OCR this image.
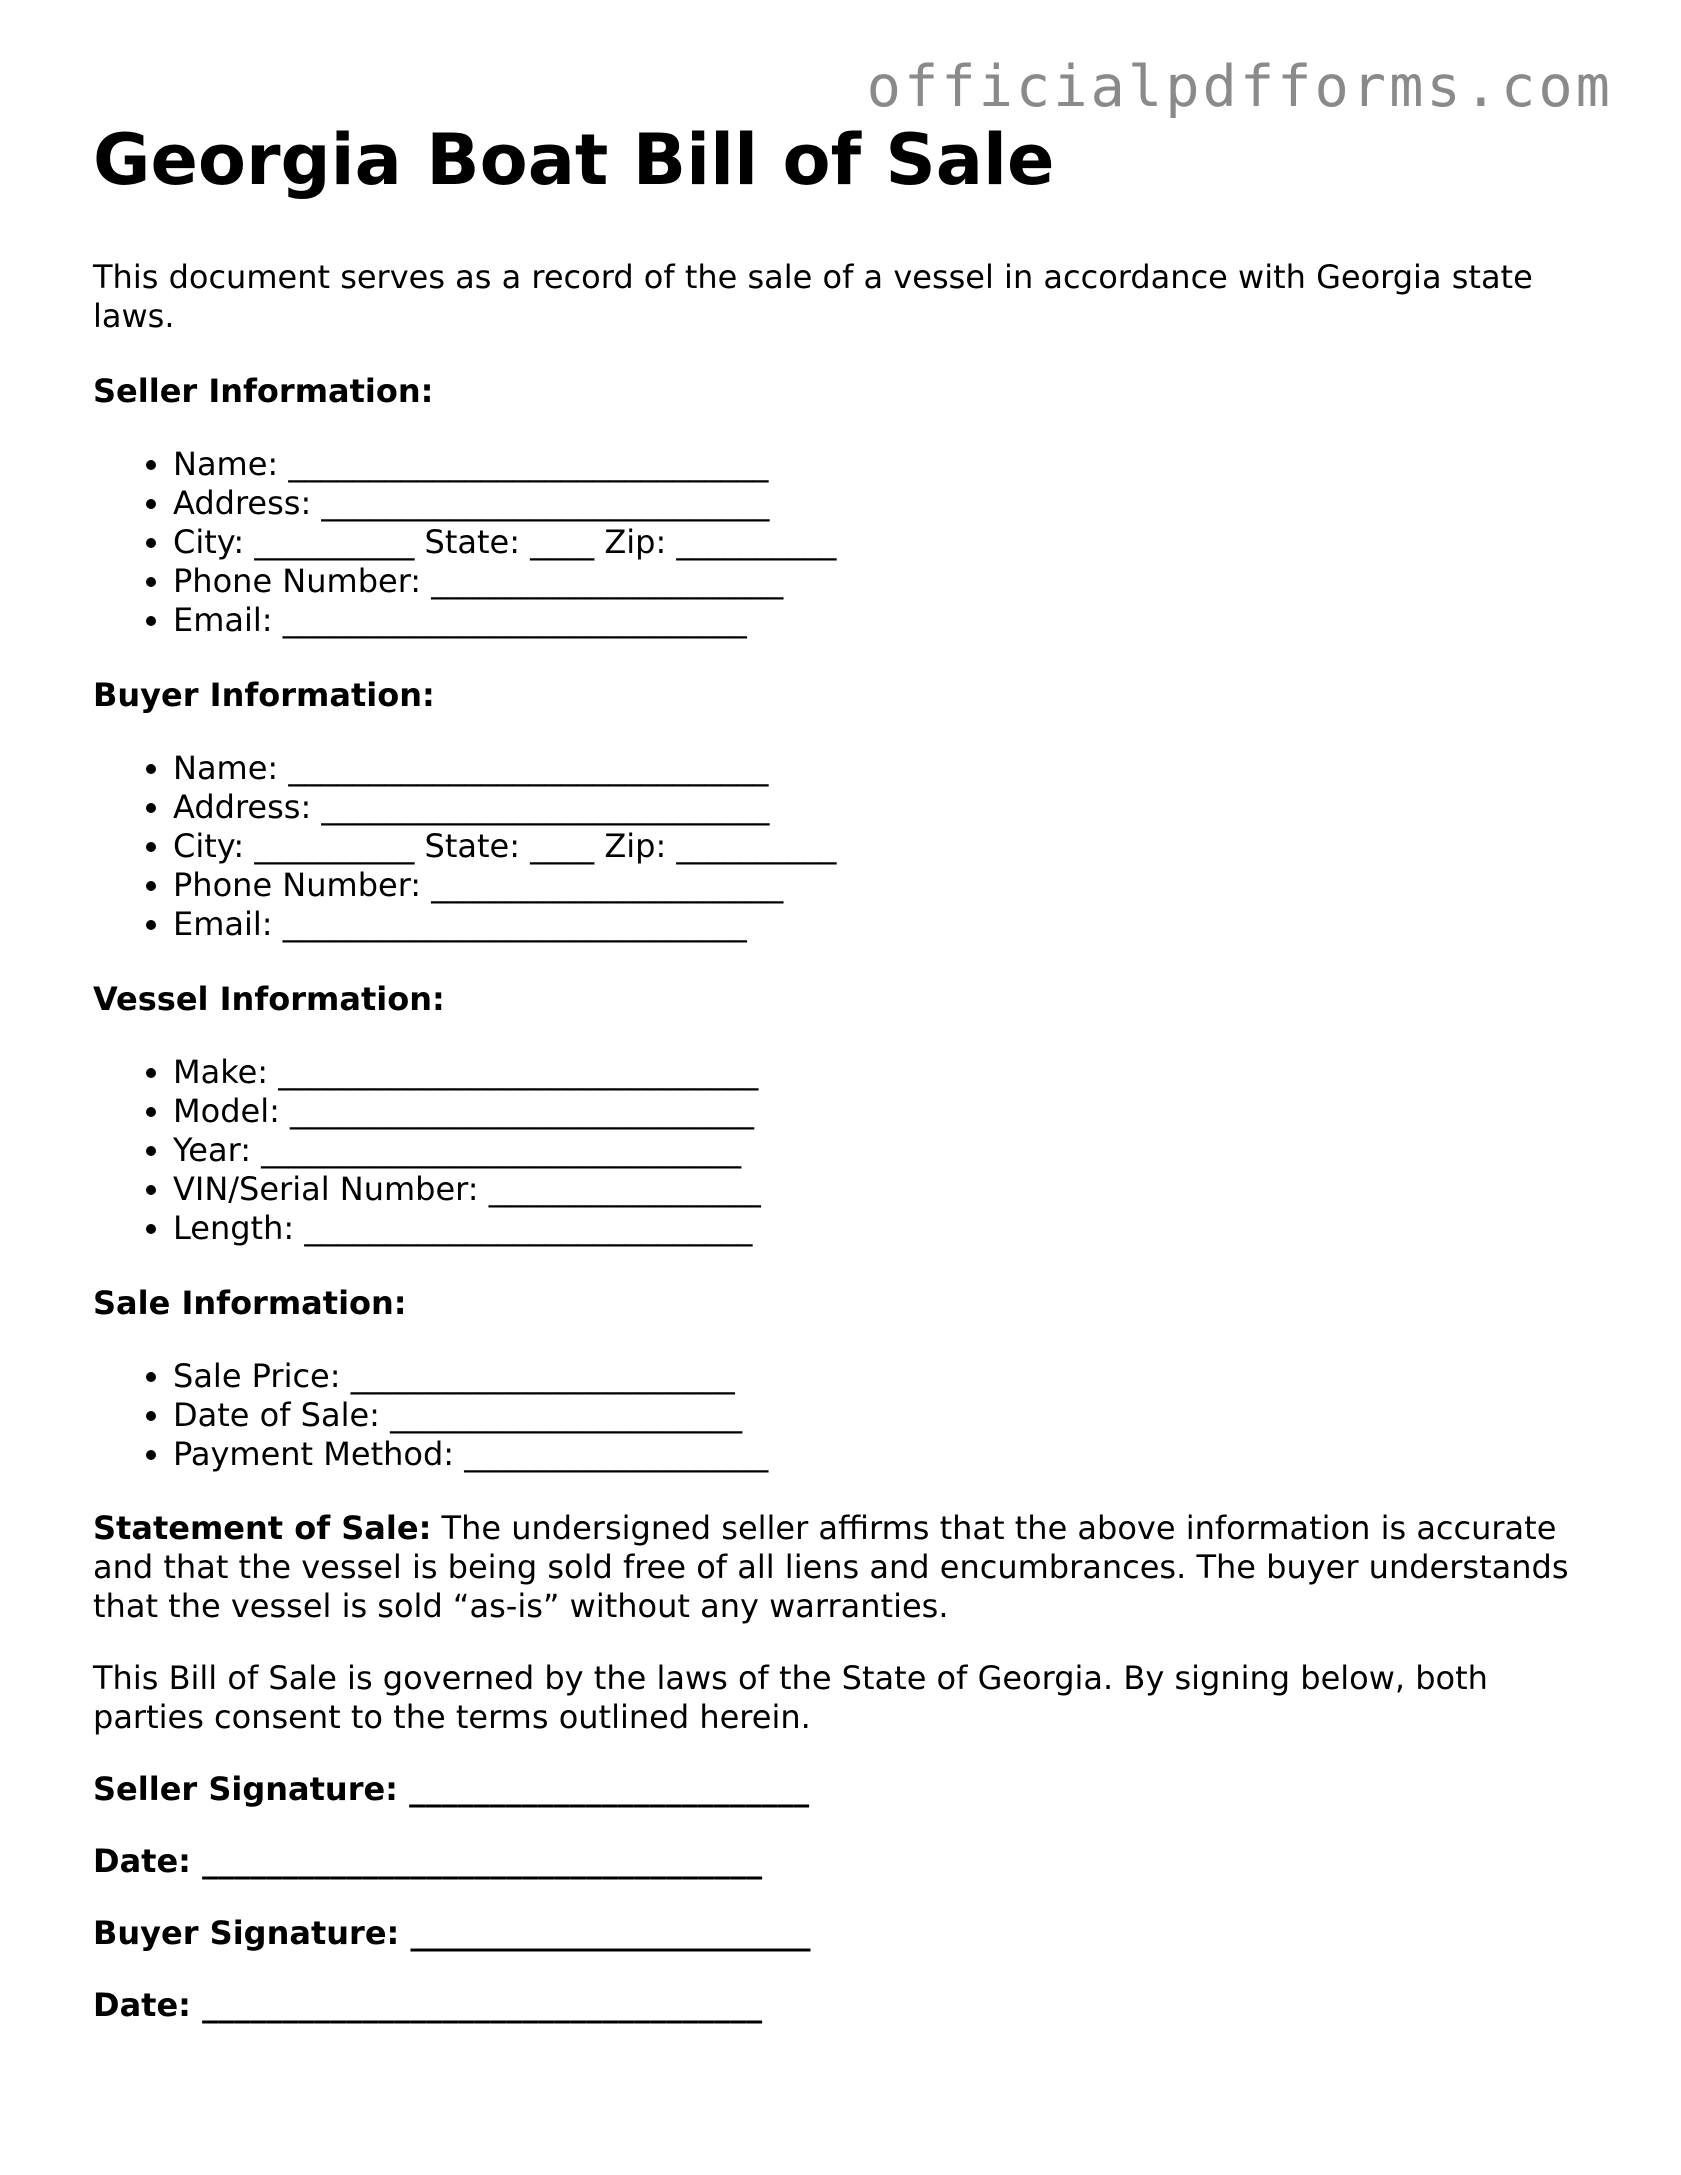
officialpdfforms.com
Georgia Boat Bill of Sale

This document serves as a record of the sale of a vessel in accordance with Georgia state laws.

Seller Information:
• Name: ______________________________
• Address: ____________________________
• City: __________ State: ____ Zip: __________
• Phone Number: ______________________
• Email: _____________________________
Buyer Information:
• Name: ______________________________
• Address: ____________________________
• City: __________ State: ____ Zip: __________
• Phone Number: ______________________
• Email: _____________________________
Vessel Information:
• Make: ______________________________
• Model: _____________________________
• Year: ______________________________
• VIN/Serial Number: _________________
• Length: ____________________________
Sale Information:
• Sale Price: ________________________
• Date of Sale: ______________________
• Payment Method: ___________________

Statement of Sale: The undersigned seller affirms that the above information is accurate and that the vessel is being sold free of all liens and encumbrances. The buyer understands that the vessel is sold “as-is” without any warranties.

This Bill of Sale is governed by the laws of the State of Georgia. By signing below, both parties consent to the terms outlined herein.

Seller Signature: _________________________
Date: ___________________________________
Buyer Signature: _________________________
Date: ___________________________________
